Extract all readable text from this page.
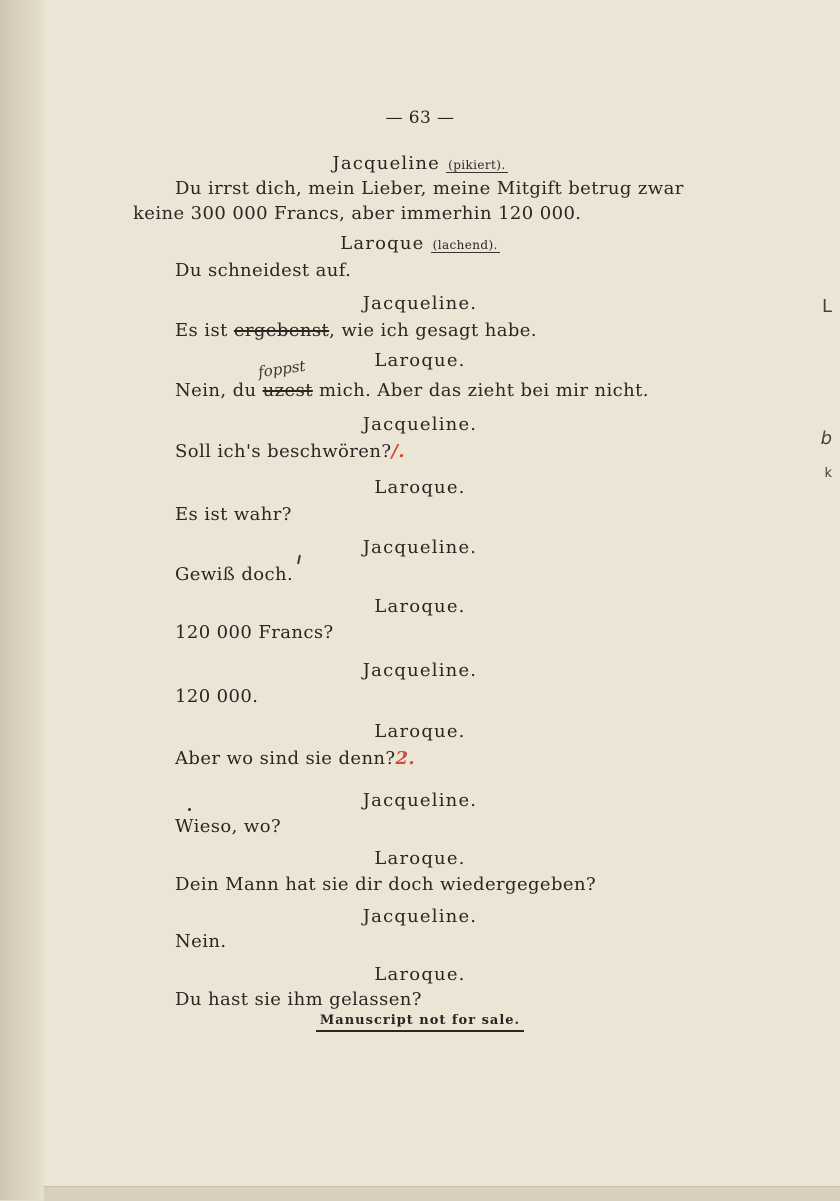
L
b
k
— 63 —
Jacqueline (pikiert).
Du irrst dich, mein Lieber, meine Mitgift betrug zwar
keine 300 000 Francs, aber immerhin 120 000.
Laroque (lachend).
Du schneidest auf.
Jacqueline.
Es ist ergebenst, wie ich gesagt habe.
Laroque.
foppst
Nein, du uzest mich. Aber das zieht bei mir nicht.
Jacqueline.
Soll ich's beschwören?/.
Laroque.
Es ist wahr?
Jacqueline.
Gewiß doch.
Laroque.
120 000 Francs?
Jacqueline.
120 000.
Laroque.
Aber wo sind sie denn?2.
Jacqueline.
Wieso, wo?
Laroque.
Dein Mann hat sie dir doch wiedergegeben?
Jacqueline.
Nein.
Laroque.
Du hast sie ihm gelassen?
Manuscript not for sale.
